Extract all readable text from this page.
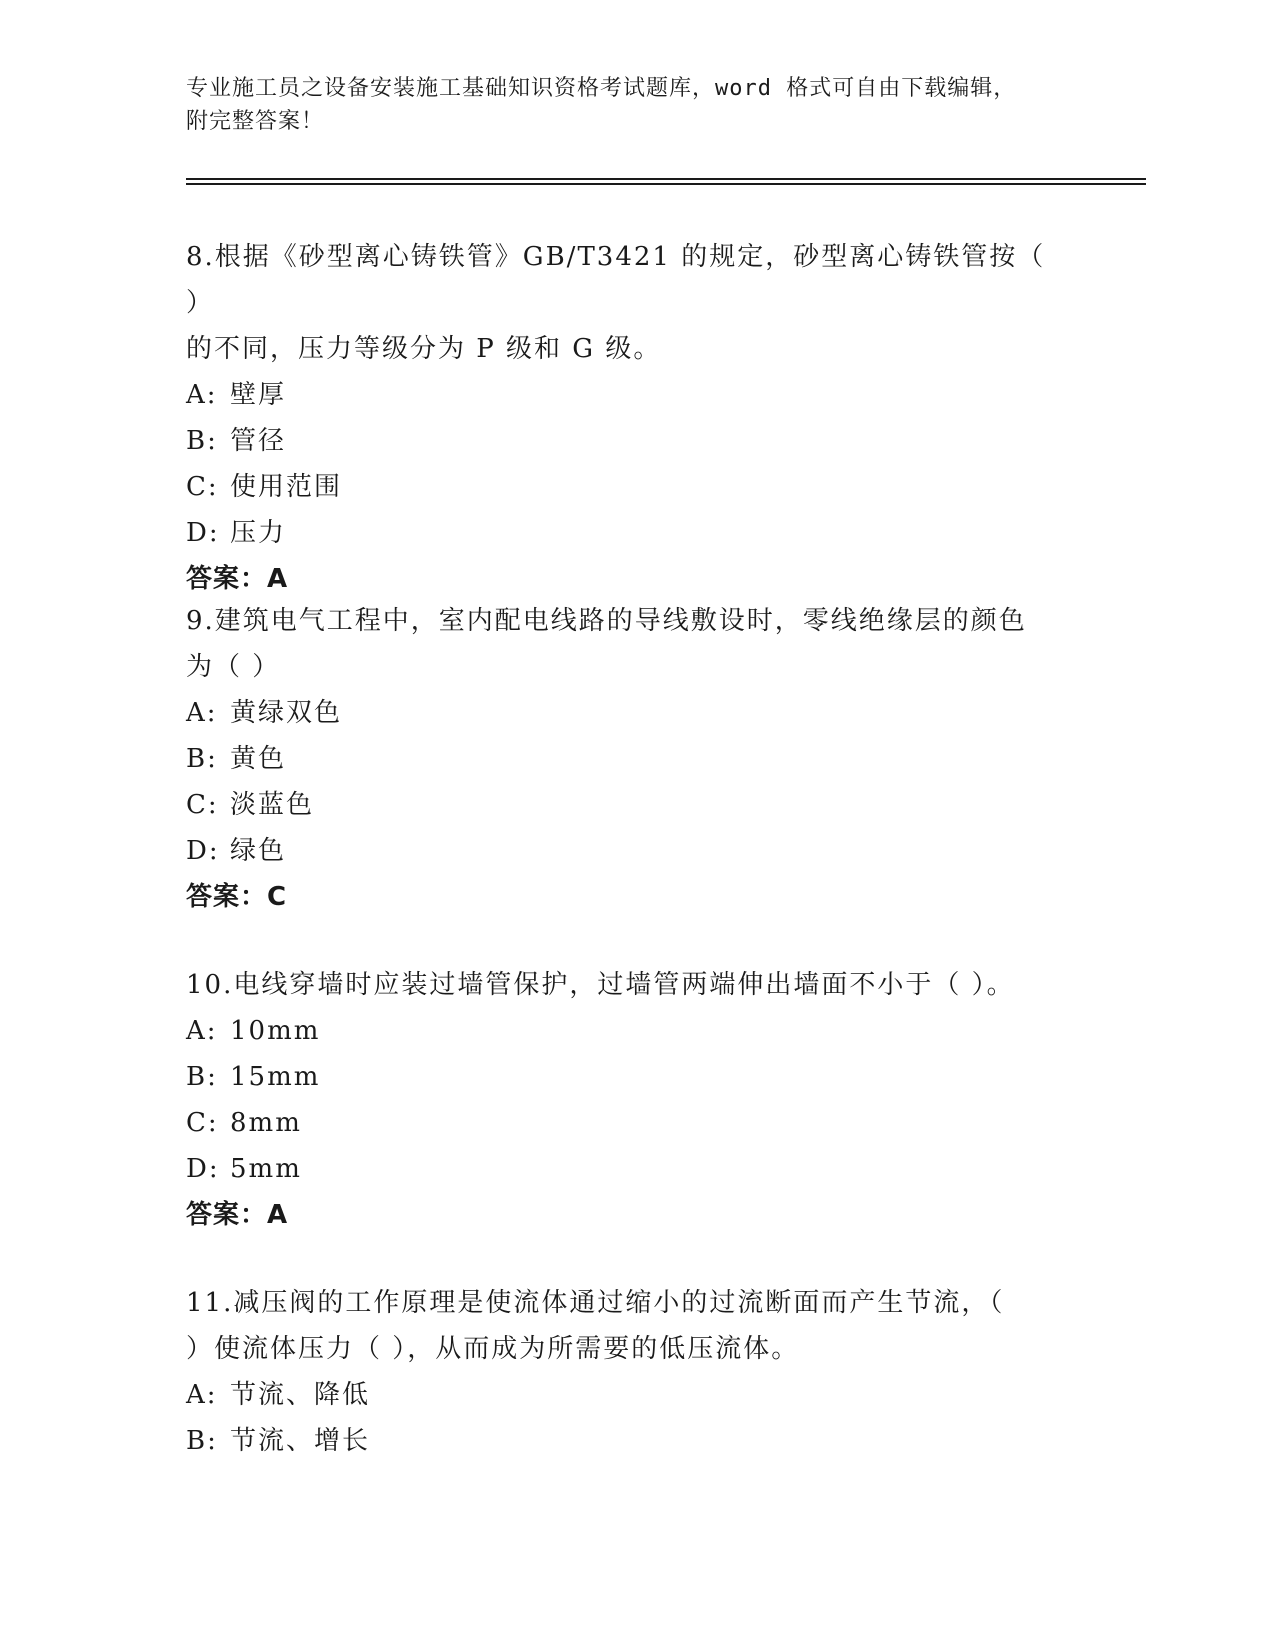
专业施工员之设备安装施工基础知识资格考试题库，word 格式可自由下载编辑，
附完整答案！

8.根据《砂型离心铸铁管》GB/T3421 的规定，砂型离心铸铁管按（ ）

的不同，压力等级分为 P 级和 G 级。

A: 壁厚

B: 管径

C: 使用范围

D: 压力

答案：A

9.建筑电气工程中，室内配电线路的导线敷设时，零线绝缘层的颜色

为（ ）

A: 黄绿双色

B: 黄色

C: 淡蓝色

D: 绿色

答案：C

10.电线穿墙时应装过墙管保护，过墙管两端伸出墙面不小于（ ）。

A: 10mm

B: 15mm

C: 8mm

D: 5mm

答案：A

11.减压阀的工作原理是使流体通过缩小的过流断面而产生节流，（

）使流体压力（ ），从而成为所需要的低压流体。

A: 节流、降低

B: 节流、增长
